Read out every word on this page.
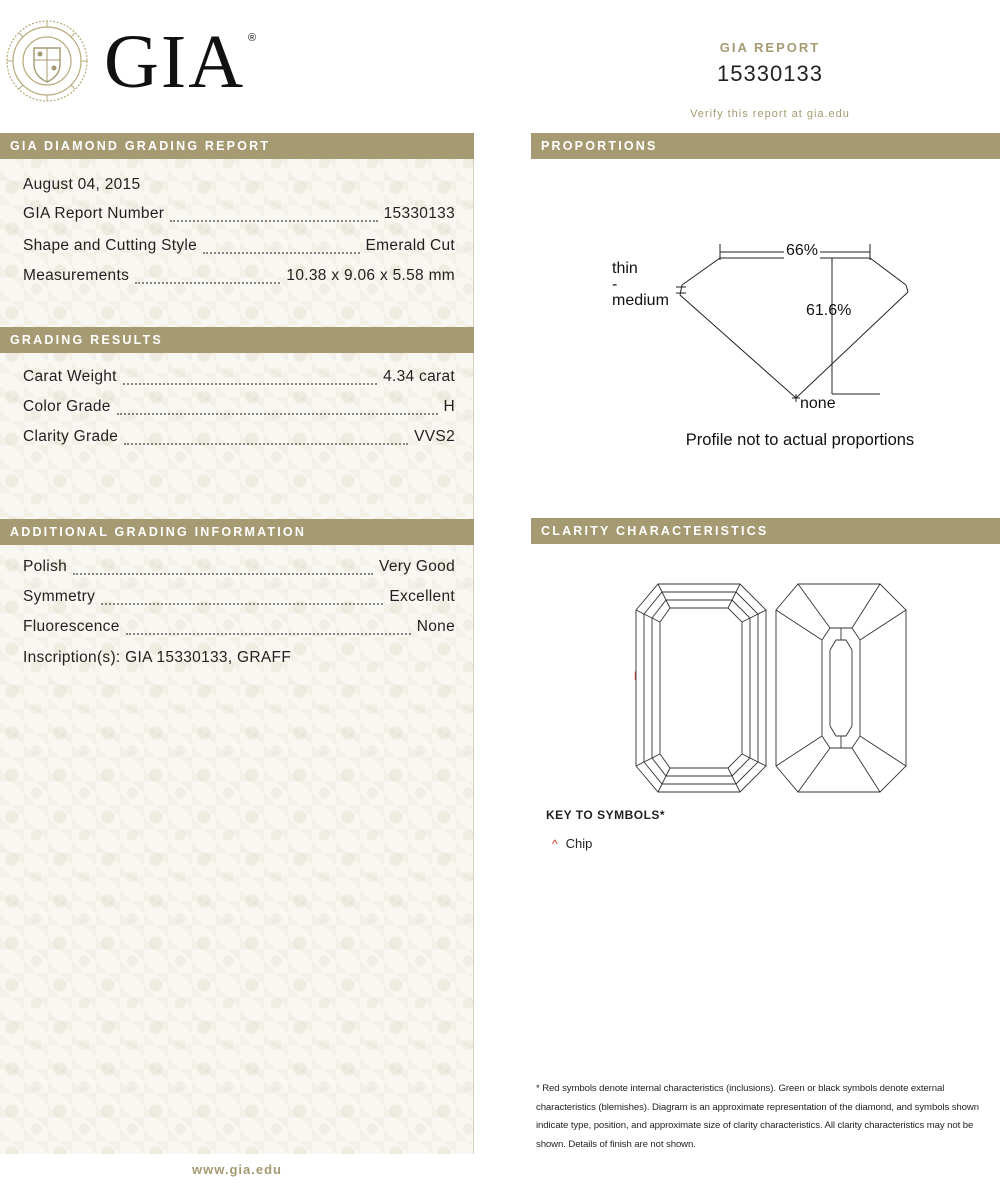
GIA ®
GIA REPORT
15330133
Verify this report at gia.edu
GIA DIAMOND GRADING REPORT
August 04, 2015
GIA Report Number	15330133
Shape and Cutting Style	Emerald Cut
Measurements	10.38 x 9.06 x 5.58 mm
GRADING RESULTS
Carat Weight	4.34 carat
Color Grade	H
Clarity Grade	VVS2
ADDITIONAL GRADING INFORMATION
Polish	Very Good
Symmetry	Excellent
Fluorescence	None
Inscription(s): GIA 15330133, GRAFF
www.gia.edu
PROPORTIONS
66%
61.6%
thin
-
medium
none
Profile not to actual proportions
CLARITY CHARACTERISTICS
|
KEY TO SYMBOLS*
^ Chip
* Red symbols denote internal characteristics (inclusions). Green or black symbols denote external characteristics (blemishes). Diagram is an approximate representation of the diamond, and symbols shown indicate type, position, and approximate size of clarity characteristics. All clarity characteristics may not be shown. Details of finish are not shown.
